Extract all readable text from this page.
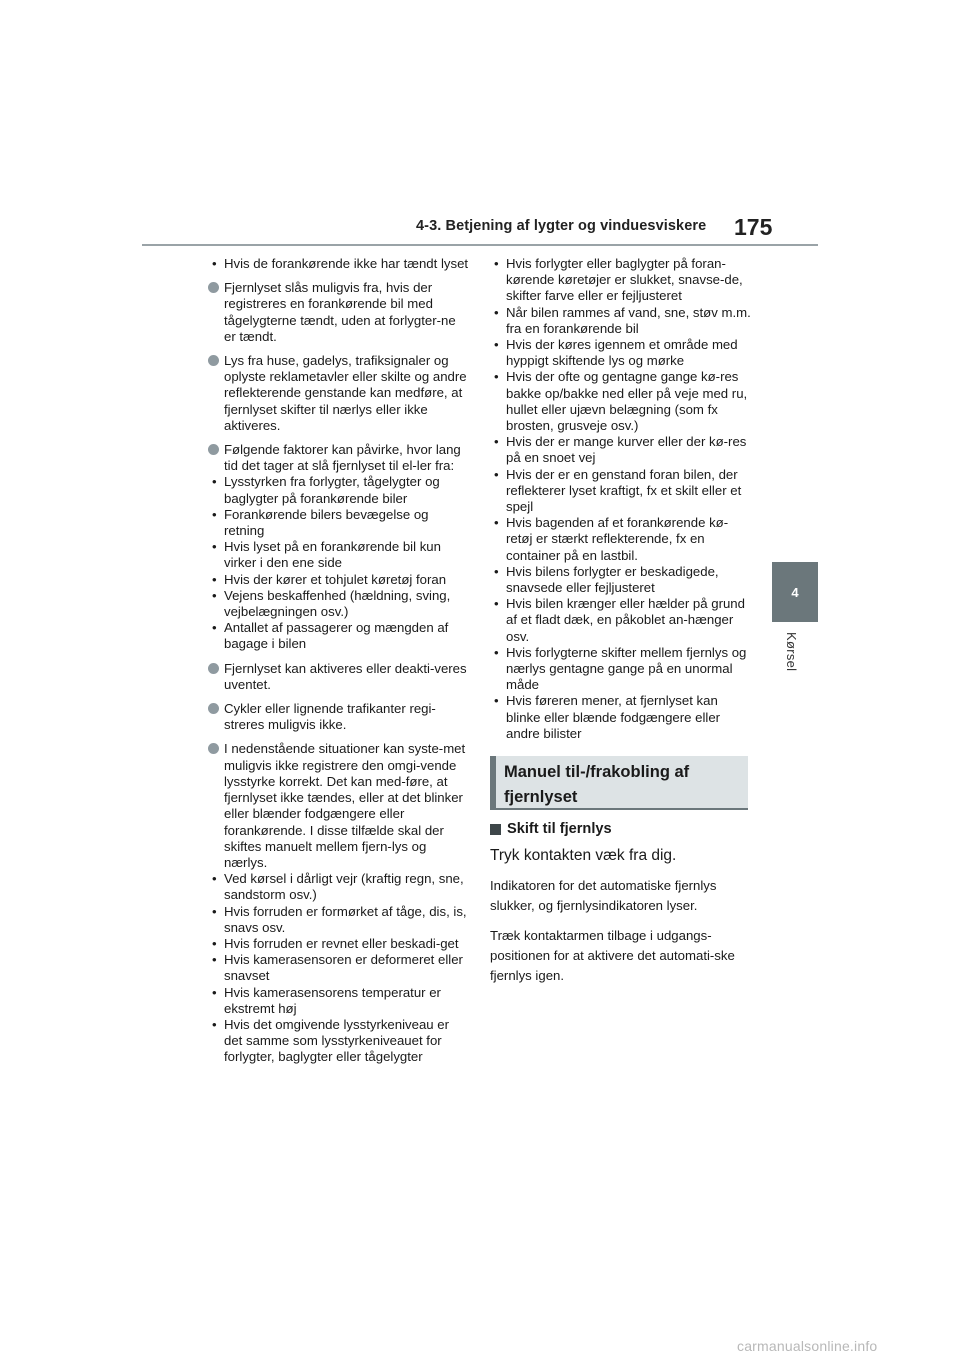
4-3. Betjening af lygter og vinduesviskere 175
4
Kørsel
• Hvis de forankørende ikke har tændt lyset
Fjernlyset slås muligvis fra, hvis der registreres en forankørende bil med tågelygterne tændt, uden at forlygter-ne er tændt.
Lys fra huse, gadelys, trafiksignaler og oplyste reklametavler eller skilte og andre reflekterende genstande kan medføre, at fjernlyset skifter til nærlys eller ikke aktiveres.
Følgende faktorer kan påvirke, hvor lang tid det tager at slå fjernlyset til el-ler fra:
• Lysstyrken fra forlygter, tågelygter og baglygter på forankørende biler
• Forankørende bilers bevægelse og retning
• Hvis lyset på en forankørende bil kun virker i den ene side
• Hvis der kører et tohjulet køretøj foran
• Vejens beskaffenhed (hældning, sving, vejbelægningen osv.)
• Antallet af passagerer og mængden af bagage i bilen
Fjernlyset kan aktiveres eller deakti-veres uventet.
Cykler eller lignende trafikanter regi-streres muligvis ikke.
I nedenstående situationer kan syste-met muligvis ikke registrere den omgi-vende lysstyrke korrekt. Det kan med-føre, at fjernlyset ikke tændes, eller at det blinker eller blænder fodgængere eller forankørende. I disse tilfælde skal der skiftes manuelt mellem fjern-lys og nærlys.
• Ved kørsel i dårligt vejr (kraftig regn, sne, sandstorm osv.)
• Hvis forruden er formørket af tåge, dis, is, snavs osv.
• Hvis forruden er revnet eller beskadi-get
• Hvis kamerasensoren er deformeret eller snavset
• Hvis kamerasensorens temperatur er ekstremt høj
• Hvis det omgivende lysstyrkeniveau er det samme som lysstyrkeniveauet for forlygter, baglygter eller tågelygter
• Hvis forlygter eller baglygter på foran-kørende køretøjer er slukket, snavse-de, skifter farve eller er fejljusteret
• Når bilen rammes af vand, sne, støv m.m. fra en forankørende bil
• Hvis der køres igennem et område med hyppigt skiftende lys og mørke
• Hvis der ofte og gentagne gange kø-res bakke op/bakke ned eller på veje med ru, hullet eller ujævn belægning (som fx brosten, grusveje osv.)
• Hvis der er mange kurver eller der kø-res på en snoet vej
• Hvis der er en genstand foran bilen, der reflekterer lyset kraftigt, fx et skilt eller et spejl
• Hvis bagenden af et forankørende kø-retøj er stærkt reflekterende, fx en container på en lastbil.
• Hvis bilens forlygter er beskadigede, snavsede eller fejljusteret
• Hvis bilen krænger eller hælder på grund af et fladt dæk, en påkoblet an-hænger osv.
• Hvis forlygterne skifter mellem fjernlys og nærlys gentagne gange på en unormal måde
• Hvis føreren mener, at fjernlyset kan blinke eller blænde fodgængere eller andre bilister
Manuel til-/frakobling af
fjernlyset
Skift til fjernlys
Tryk kontakten væk fra dig.
Indikatoren for det automatiske fjernlys slukker, og fjernlysindikatoren lyser.
Træk kontaktarmen tilbage i udgangs-positionen for at aktivere det automati-ske fjernlys igen.
carmanualsonline.info
